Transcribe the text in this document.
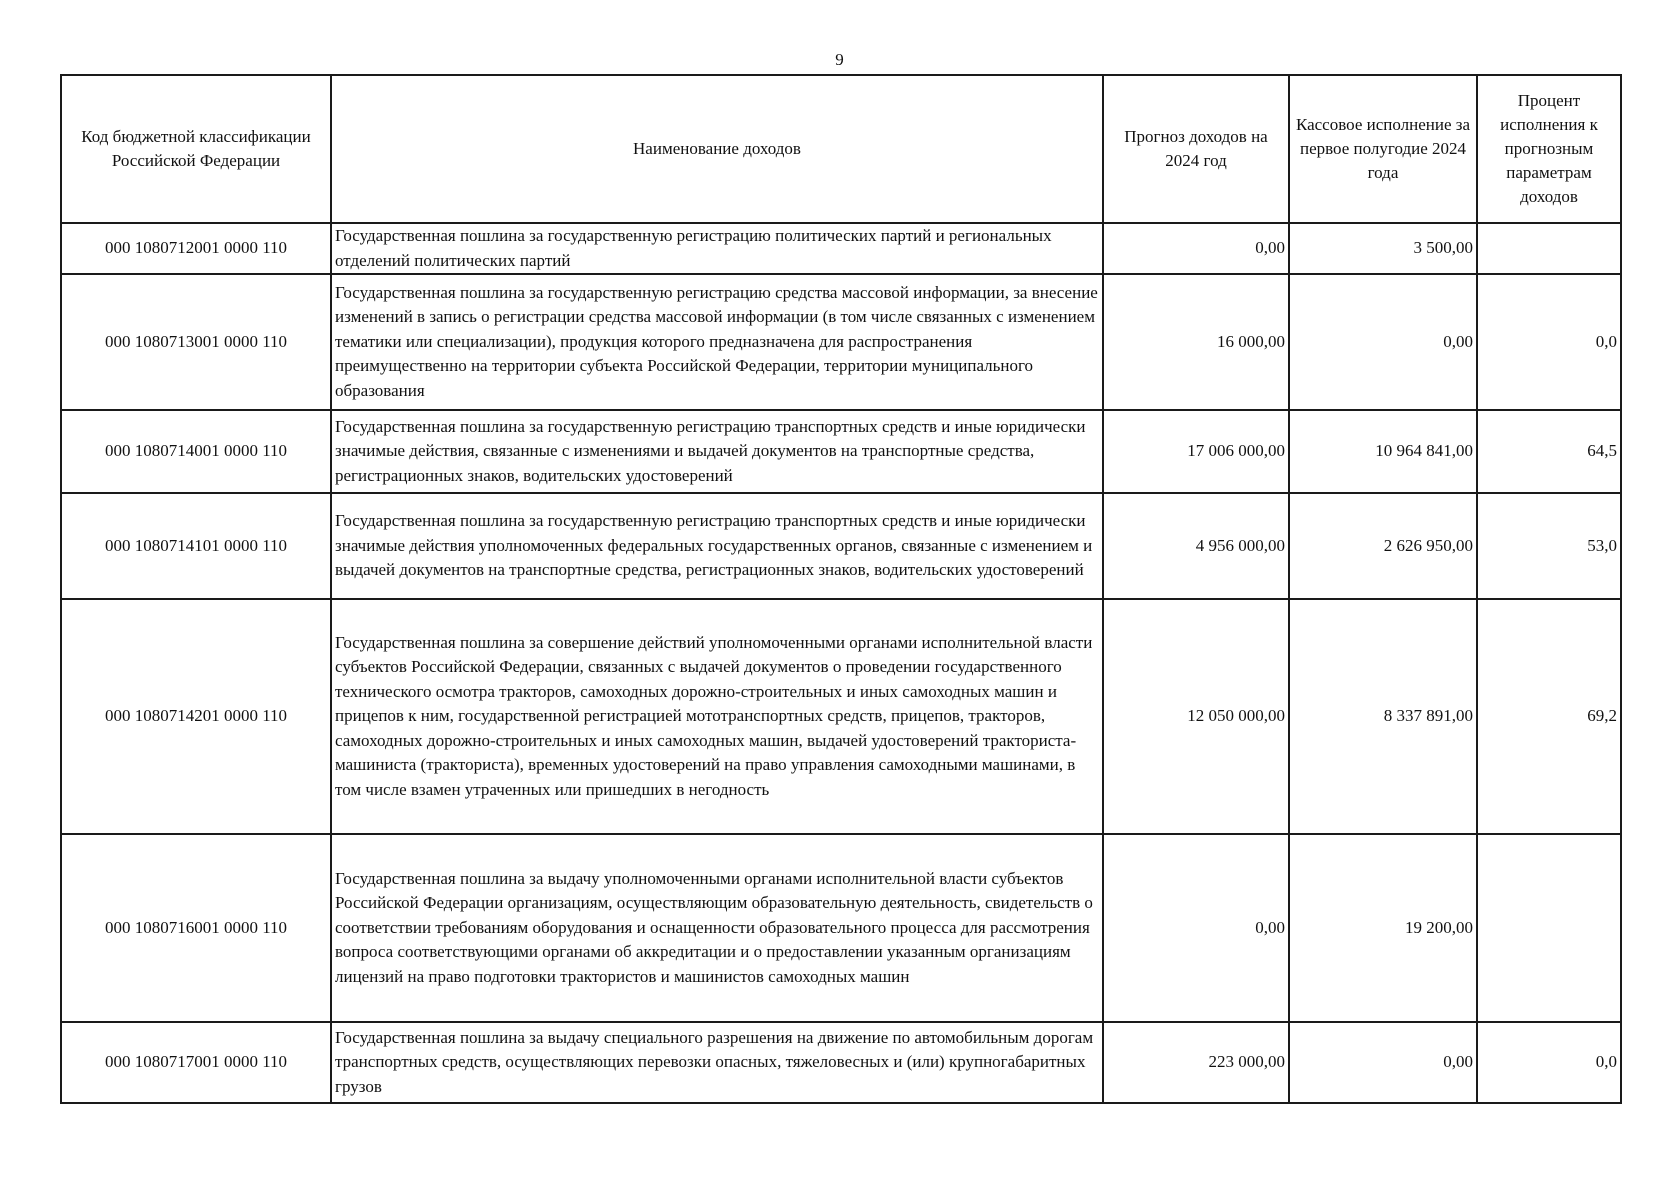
9
Код бюджетной классификации Российской Федерации	Наименование доходов	Прогноз доходов на 2024 год	Кассовое исполнение за первое полугодие 2024 года	Процент исполнения к прогнозным параметрам доходов
000 1080712001 0000 110	Государственная пошлина за государственную регистрацию политических партий и региональных отделений политических партий	0,00	3 500,00	
000 1080713001 0000 110	Государственная пошлина за государственную регистрацию средства массовой информации, за внесение изменений в запись о регистрации средства массовой информации (в том числе связанных с изменением тематики или специализации), продукция которого предназначена для распространения преимущественно на территории субъекта Российской Федерации, территории муниципального образования	16 000,00	0,00	0,0
000 1080714001 0000 110	Государственная пошлина за государственную регистрацию транспортных средств и иные юридически значимые действия, связанные с изменениями и выдачей документов на транспортные средства, регистрационных знаков, водительских удостоверений	17 006 000,00	10 964 841,00	64,5
000 1080714101 0000 110	Государственная пошлина за государственную регистрацию транспортных средств и иные юридически значимые действия уполномоченных федеральных государственных органов, связанные с изменением и выдачей документов на транспортные средства, регистрационных знаков, водительских удостоверений	4 956 000,00	2 626 950,00	53,0
000 1080714201 0000 110	Государственная пошлина за совершение действий уполномоченными органами исполнительной власти субъектов Российской Федерации, связанных с выдачей документов о проведении государственного технического осмотра тракторов, самоходных дорожно-строительных и иных самоходных машин и прицепов к ним, государственной регистрацией мототранспортных средств, прицепов, тракторов, самоходных дорожно-строительных и иных самоходных машин, выдачей удостоверений тракториста-машиниста (тракториста), временных удостоверений на право управления самоходными машинами, в том числе взамен утраченных или пришедших в негодность	12 050 000,00	8 337 891,00	69,2
000 1080716001 0000 110	Государственная пошлина за выдачу уполномоченными органами исполнительной власти субъектов Российской Федерации организациям, осуществляющим образовательную деятельность, свидетельств о соответствии требованиям оборудования и оснащенности образовательного процесса для рассмотрения вопроса соответствующими органами об аккредитации и о предоставлении указанным организациям лицензий на право подготовки трактористов и машинистов самоходных машин	0,00	19 200,00	
000 1080717001 0000 110	Государственная пошлина за выдачу специального разрешения на движение по автомобильным дорогам транспортных средств, осуществляющих перевозки опасных, тяжеловесных и (или) крупногабаритных грузов	223 000,00	0,00	0,0
